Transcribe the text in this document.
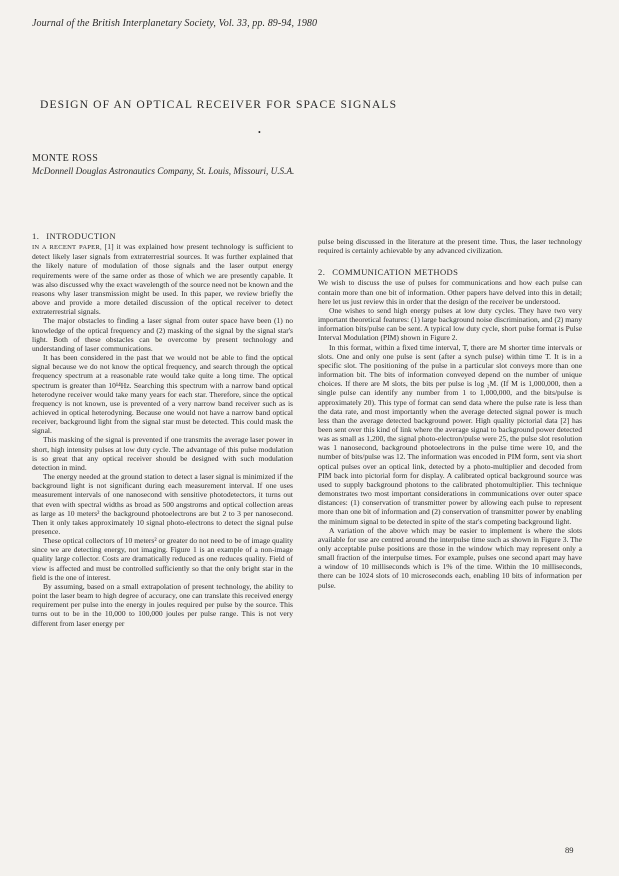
Journal of the British Interplanetary Society, Vol. 33, pp. 89-94, 1980
DESIGN OF AN OPTICAL RECEIVER FOR SPACE SIGNALS
•
MONTE ROSS
McDonnell Douglas Astronautics Company, St. Louis, Missouri, U.S.A.
1. INTRODUCTION

IN A RECENT PAPER, [1] it was explained how present technology is sufficient to detect likely laser signals from extraterrestrial sources. It was further explained that the likely nature of modulation of those signals and the laser output energy requirements were of the same order as those of which we are presently capable. It was also discussed why the exact wavelength of the source need not be known and the reasons why laser transmission might be used. In this paper, we review briefly the above and provide a more detailed discussion of the optical receiver to detect extraterrestrial signals.

The major obstacles to finding a laser signal from outer space have been (1) no knowledge of the optical frequency and (2) masking of the signal by the signal star's light. Both of these obstacles can be overcome by present technology and understanding of laser communications.

It has been considered in the past that we would not be able to find the optical signal because we do not know the optical frequency, and search through the optical frequency spectrum at a reasonable rate would take quite a long time. The optical spectrum is greater than 10¹⁴Hz. Searching this spectrum with a narrow band optical heterodyne receiver would take many years for each star. Therefore, since the optical frequency is not known, use is prevented of a very narrow band receiver such as is achieved in optical heterodyning. Because one would not have a narrow band optical receiver, background light from the signal star must be detected. This could mask the signal.

This masking of the signal is prevented if one transmits the average laser power in short, high intensity pulses at low duty cycle. The advantage of this pulse modulation is so great that any optical receiver should be designed with such modulation detection in mind.

The energy needed at the ground station to detect a laser signal is minimized if the background light is not significant during each measurement interval. If one uses measurement intervals of one nanosecond with sensitive photodetectors, it turns out that even with spectral widths as broad as 500 angstroms and optical collection areas as large as 10 meters² the background photoelectrons are but 2 to 3 per nanosecond. Then it only takes approximately 10 signal photo-electrons to detect the signal pulse presence.

These optical collectors of 10 meters² or greater do not need to be of image quality since we are detecting energy, not imaging. Figure 1 is an example of a non-image quality large collector. Costs are dramatically reduced as one reduces quality. Field of view is affected and must be controlled sufficiently so that the only bright star in the field is the one of interest.

By assuming, based on a small extrapolation of present technology, the ability to point the laser beam to high degree of accuracy, one can translate this received energy requirement per pulse into the energy in joules required per pulse by the source. This turns out to be in the 10,000 to 100,000 joules per pulse range. This is not very different from laser energy per

pulse being discussed in the literature at the present time. Thus, the laser technology required is certainly achievable by any advanced civilization.

2. COMMUNICATION METHODS

We wish to discuss the use of pulses for communications and how each pulse can contain more than one bit of information. Other papers have delved into this in detail; here let us just review this in order that the design of the receiver be understood.

One wishes to send high energy pulses at low duty cycles. They have two very important theoretical features: (1) large background noise discrimination, and (2) many information bits/pulse can be sent. A typical low duty cycle, short pulse format is Pulse Interval Modulation (PIM) shown in Figure 2.

In this format, within a fixed time interval, T, there are M shorter time intervals or slots. One and only one pulse is sent (after a synch pulse) within time T. It is in a specific slot. The positioning of the pulse in a particular slot conveys more than one information bit. The bits of information conveyed depend on the number of unique choices. If there are M slots, the bits per pulse is log ₂M. (If M is 1,000,000, then a single pulse can identify any number from 1 to 1,000,000, and the bits/pulse is approximately 20). This type of format can send data where the pulse rate is less than the data rate, and most importantly when the average detected signal power is much less than the average detected background power. High quality pictorial data [2] has been sent over this kind of link where the average signal to background power detected was as small as 1,200, the signal photo-electron/pulse were 25, the pulse slot resolution was 1 nanosecond, background photoelectrons in the pulse time were 10, and the number of bits/pulse was 12. The information was encoded in PIM form, sent via short optical pulses over an optical link, detected by a photo-multiplier and decoded from PIM back into pictorial form for display. A calibrated optical background source was used to supply background photons to the calibrated photomultiplier. This technique demonstrates two most important considerations in communications over outer space distances: (1) conservation of transmitter power by allowing each pulse to represent more than one bit of information and (2) conservation of transmitter power by enabling the minimum signal to be detected in spite of the star's competing background light.

A variation of the above which may be easier to implement is where the slots available for use are centred around the interpulse time such as shown in Figure 3. The only acceptable pulse positions are those in the window which may represent only a small fraction of the interpulse times. For example, pulses one second apart may have a window of 10 milliseconds which is 1% of the time. Within the 10 milliseconds, there can be 1024 slots of 10 microseconds each, enabling 10 bits of information per pulse.

89
